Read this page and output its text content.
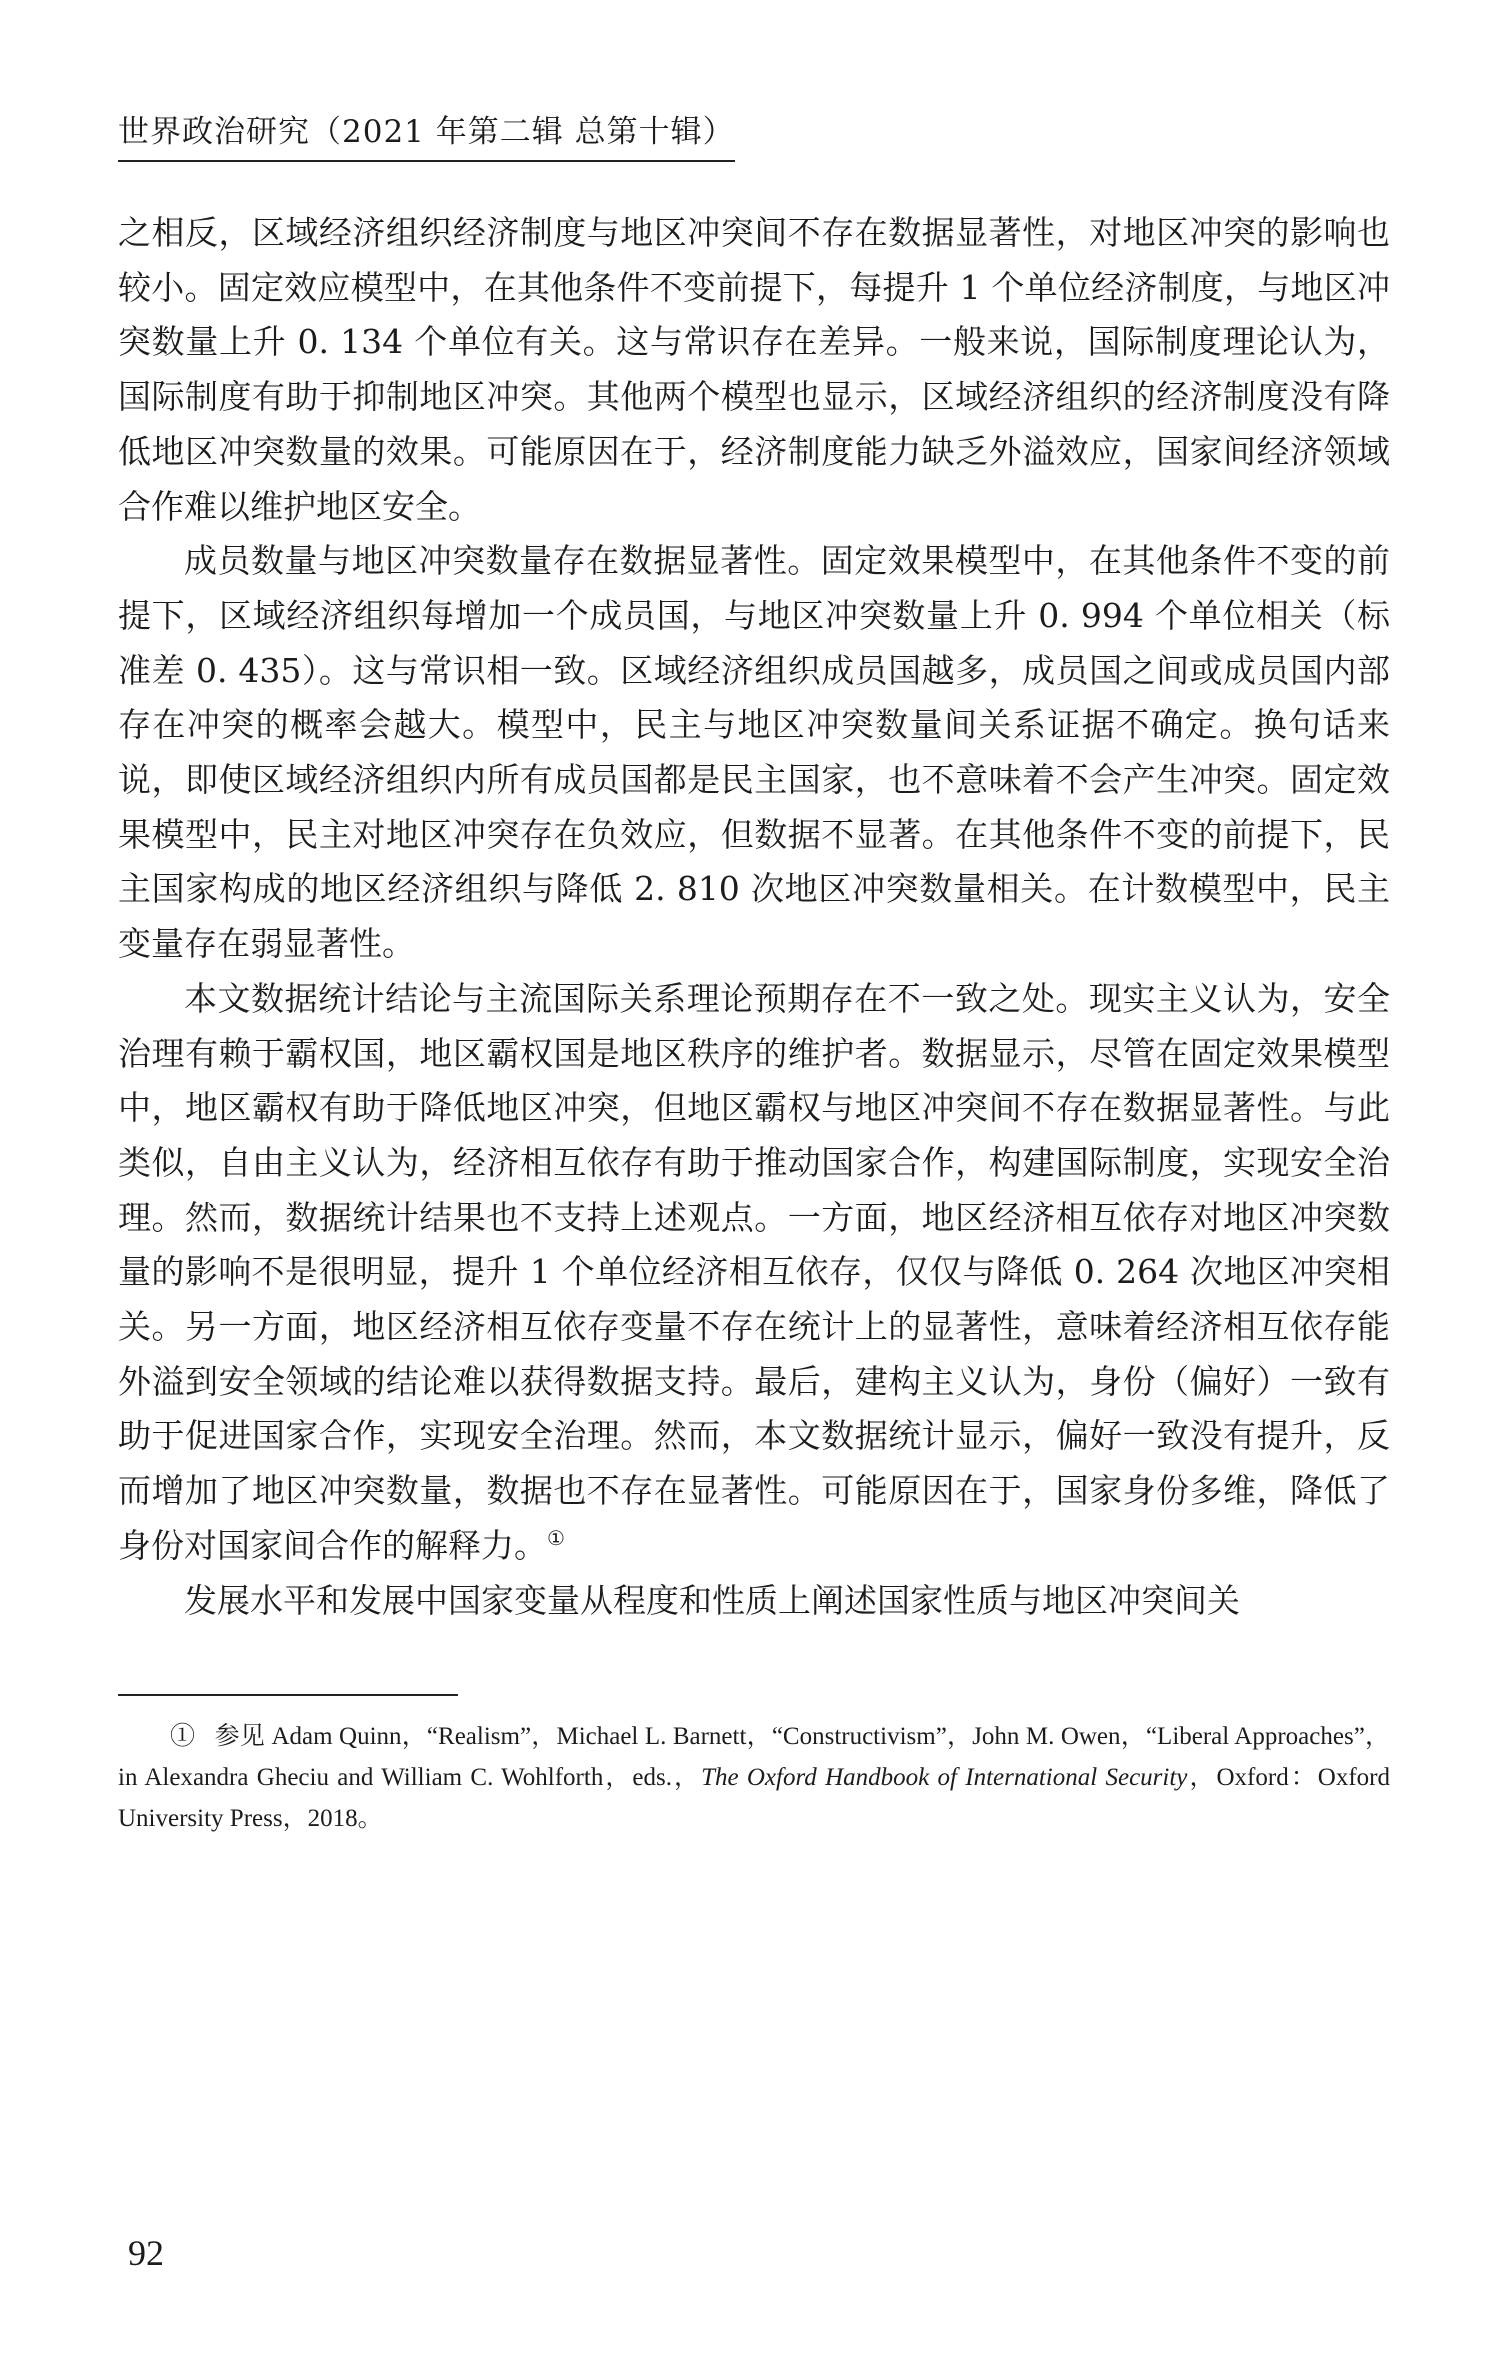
世界政治研究（2021 年第二辑 总第十辑）

之相反，区域经济组织经济制度与地区冲突间不存在数据显著性，对地区冲突的影响也较小。固定效应模型中，在其他条件不变前提下，每提升 1 个单位经济制度，与地区冲突数量上升 0. 134 个单位有关。这与常识存在差异。一般来说，国际制度理论认为，国际制度有助于抑制地区冲突。其他两个模型也显示，区域经济组织的经济制度没有降低地区冲突数量的效果。可能原因在于，经济制度能力缺乏外溢效应，国家间经济领域合作难以维护地区安全。

成员数量与地区冲突数量存在数据显著性。固定效果模型中，在其他条件不变的前提下，区域经济组织每增加一个成员国，与地区冲突数量上升 0. 994 个单位相关（标准差 0. 435）。这与常识相一致。区域经济组织成员国越多，成员国之间或成员国内部存在冲突的概率会越大。模型中，民主与地区冲突数量间关系证据不确定。换句话来说，即使区域经济组织内所有成员国都是民主国家，也不意味着不会产生冲突。固定效果模型中，民主对地区冲突存在负效应，但数据不显著。在其他条件不变的前提下，民主国家构成的地区经济组织与降低 2. 810 次地区冲突数量相关。在计数模型中，民主变量存在弱显著性。

本文数据统计结论与主流国际关系理论预期存在不一致之处。现实主义认为，安全治理有赖于霸权国，地区霸权国是地区秩序的维护者。数据显示，尽管在固定效果模型中，地区霸权有助于降低地区冲突，但地区霸权与地区冲突间不存在数据显著性。与此类似，自由主义认为，经济相互依存有助于推动国家合作，构建国际制度，实现安全治理。然而，数据统计结果也不支持上述观点。一方面，地区经济相互依存对地区冲突数量的影响不是很明显，提升 1 个单位经济相互依存，仅仅与降低 0. 264 次地区冲突相关。另一方面，地区经济相互依存变量不存在统计上的显著性，意味着经济相互依存能外溢到安全领域的结论难以获得数据支持。最后，建构主义认为，身份（偏好）一致有助于促进国家合作，实现安全治理。然而，本文数据统计显示，偏好一致没有提升，反而增加了地区冲突数量，数据也不存在显著性。可能原因在于，国家身份多维，降低了身份对国家间合作的解释力。①

发展水平和发展中国家变量从程度和性质上阐述国家性质与地区冲突间关

① 参见 Adam Quinn，“Realism”，Michael L. Barnett，“Constructivism”，John M. Owen，“Liberal Approaches”，in Alexandra Gheciu and William C. Wohlforth，eds.，The Oxford Handbook of International Security，Oxford：Oxford University Press，2018。
92
